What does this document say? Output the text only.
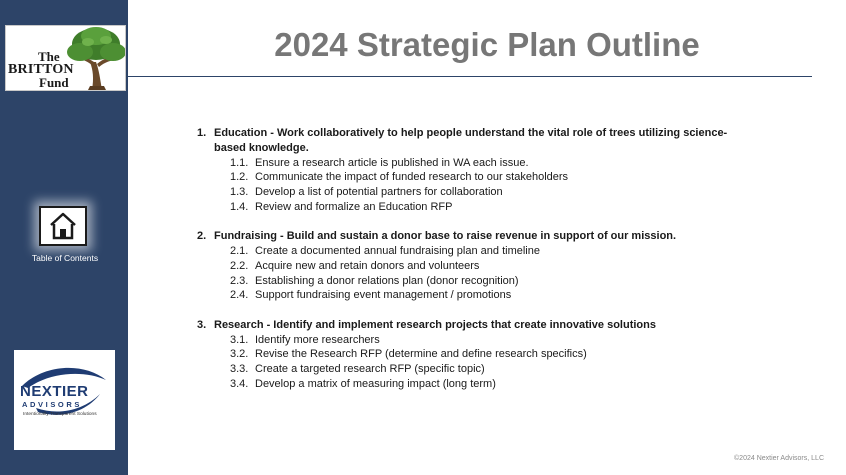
The
BRITTON
Fund
Table of Contents
NEXTIER
ADVISORS
Intentionally Transparent Solutions
2024 Strategic Plan Outline
1. Education - Work collaboratively to help people understand the vital role of trees utilizing science-based knowledge.
1.1. Ensure a research article is published in WA each issue.
1.2. Communicate the impact of funded research to our stakeholders
1.3. Develop a list of potential partners for collaboration
1.4. Review and formalize an Education RFP
2. Fundraising - Build and sustain a donor base to raise revenue in support of our mission.
2.1. Create a documented annual fundraising plan and timeline
2.2. Acquire new and retain donors and volunteers
2.3. Establishing a donor relations plan (donor recognition)
2.4. Support fundraising event management / promotions
3. Research - Identify and implement research projects that create innovative solutions
3.1. Identify more researchers
3.2. Revise the Research RFP (determine and define research specifics)
3.3. Create a targeted research RFP (specific topic)
3.4. Develop a matrix of measuring impact (long term)
©2024 Nextier Advisors, LLC
